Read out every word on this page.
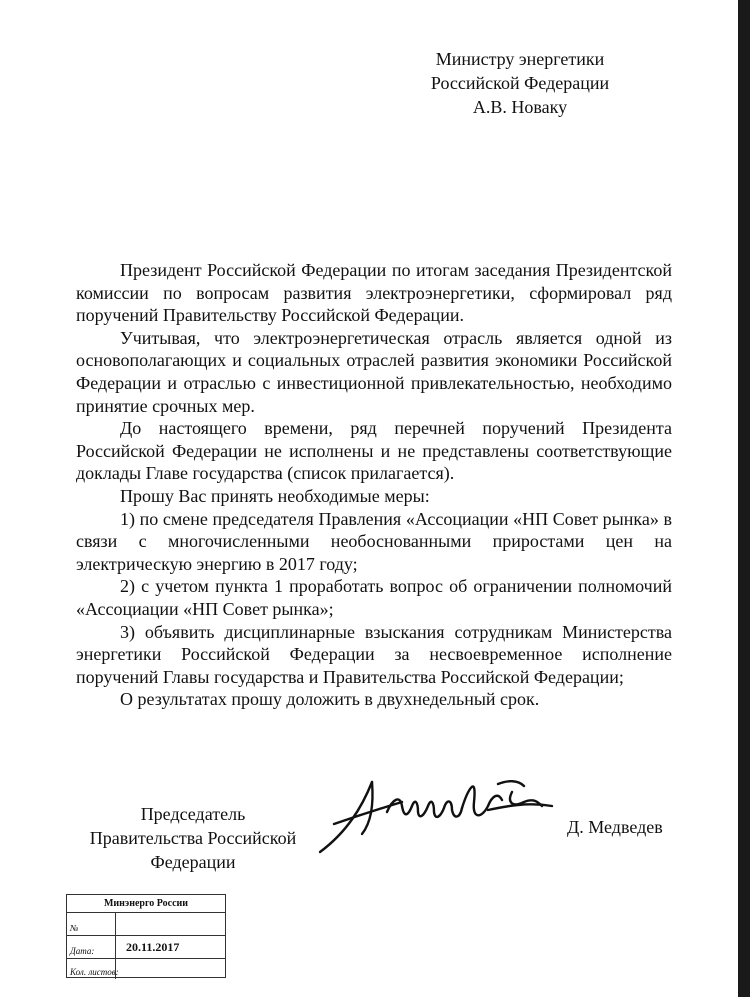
Министру энергетики
Российской Федерации
А.В. Новаку

Президент Российской Федерации по итогам заседания Президентской комиссии по вопросам развития электроэнергетики, сформировал ряд поручений Правительству Российской Федерации.

Учитывая, что электроэнергетическая отрасль является одной из основополагающих и социальных отраслей развития экономики Российской Федерации и отраслью с инвестиционной привлекательностью, необходимо принятие срочных мер.

До настоящего времени, ряд перечней поручений Президента Российской Федерации не исполнены и не представлены соответствующие доклады Главе государства (список прилагается).

Прошу Вас принять необходимые меры:

1) по смене председателя Правления «Ассоциации «НП Совет рынка» в связи с многочисленными необоснованными приростами цен на электрическую энергию в 2017 году;

2) с учетом пункта 1 проработать вопрос об ограничении полномочий «Ассоциации «НП Совет рынка»;

3) объявить дисциплинарные взыскания сотрудникам Министерства энергетики Российской Федерации за несвоевременное исполнение поручений Главы государства и Правительства Российской Федерации;

О результатах прошу доложить в двухнедельный срок.

Председатель
Правительства Российской
Федерации
Д. Медведев
Минэнерго России
№
Дата:	20.11.2017
Кол. листов:
